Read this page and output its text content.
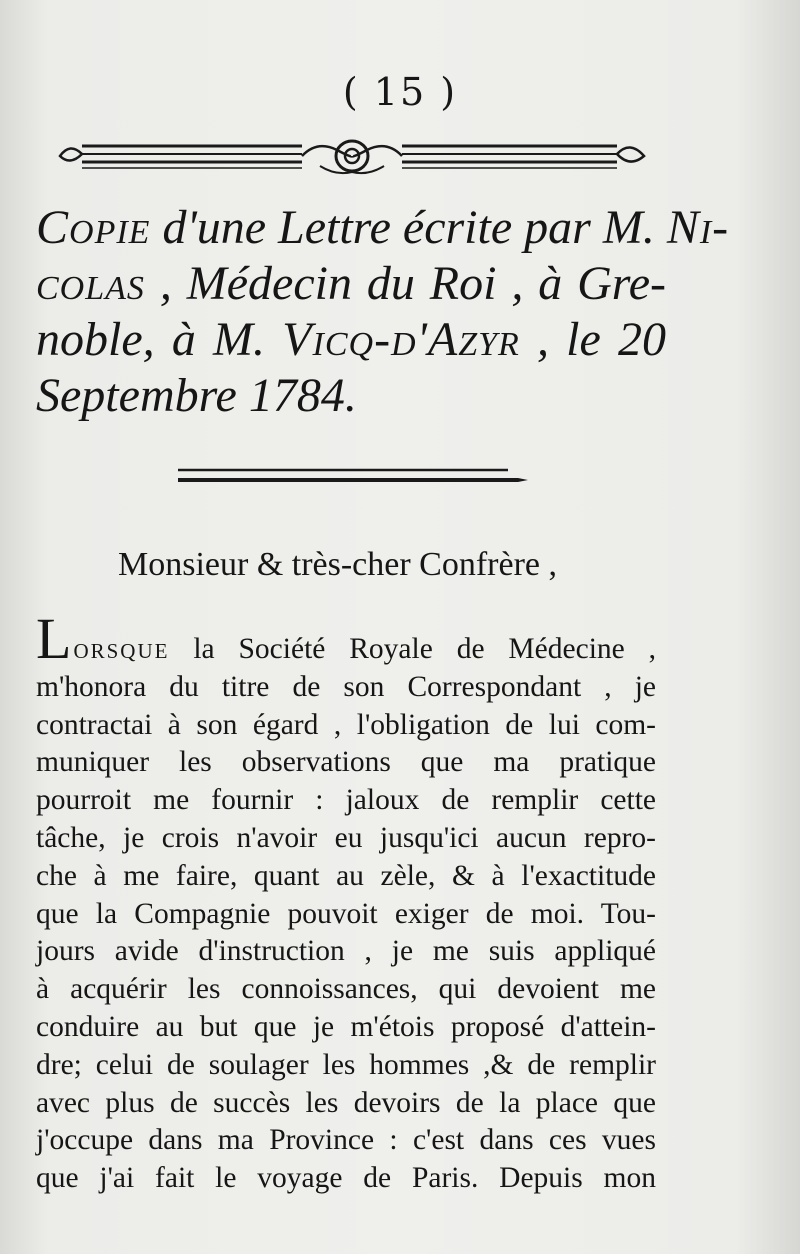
( 15 )
Copie d'une Lettre écrite par M. Ni-
colas , Médecin du Roi , à Gre-
noble, à M. Vicq-d'Azyr , le 20
Septembre 1784.
Monsieur & très-cher Confrère ,
Lorsque la Société Royale de Médecine ,
m'honora du titre de son Correspondant , je
contractai à son égard , l'obligation de lui com-
muniquer les observations que ma pratique
pourroit me fournir : jaloux de remplir cette
tâche, je crois n'avoir eu jusqu'ici aucun repro-
che à me faire, quant au zèle, & à l'exactitude
que la Compagnie pouvoit exiger de moi. Tou-
jours avide d'instruction , je me suis appliqué
à acquérir les connoissances, qui devoient me
conduire au but que je m'étois proposé d'attein-
dre; celui de soulager les hommes ,& de remplir
avec plus de succès les devoirs de la place que
j'occupe dans ma Province : c'est dans ces vues
que j'ai fait le voyage de Paris. Depuis mon
